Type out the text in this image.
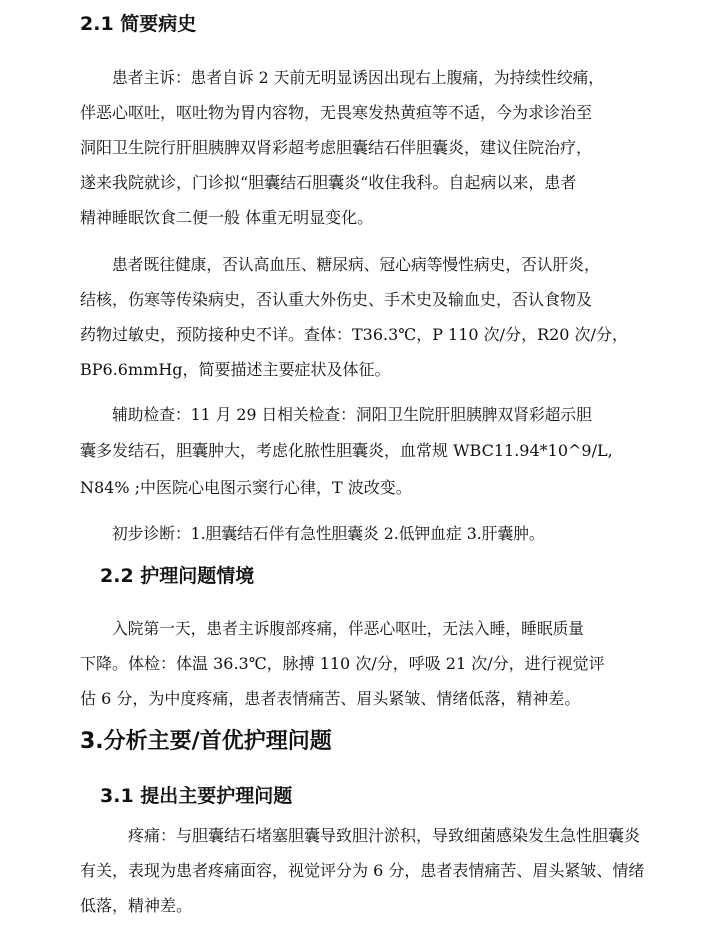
2.1 简要病史

患者主诉：患者自诉 2 天前无明显诱因出现右上腹痛，为持续性绞痛，

伴恶心呕吐，呕吐物为胃内容物，无畏寒发热黄疸等不适，今为求诊治至

洞阳卫生院行肝胆胰脾双肾彩超考虑胆囊结石伴胆囊炎，建议住院治疗，

遂来我院就诊，门诊拟“胆囊结石胆囊炎“收住我科。自起病以来，患者

精神睡眠饮食二便一般 体重无明显变化。

患者既往健康，否认高血压、糖尿病、冠心病等慢性病史，否认肝炎，

结核，伤寒等传染病史，否认重大外伤史、手术史及输血史，否认食物及

药物过敏史，预防接种史不详。查体：T36.3℃，P 110 次/分，R20 次/分，

BP6.6mmHg，简要描述主要症状及体征。

辅助检查：11 月 29 日相关检查：洞阳卫生院肝胆胰脾双肾彩超示胆

囊多发结石，胆囊肿大，考虑化脓性胆囊炎，血常规 WBC11.94*10^9/L,

N84% ;中医院心电图示窦行心律，T 波改变。

初步诊断：1.胆囊结石伴有急性胆囊炎 2.低钾血症 3.肝囊肿。

2.2 护理问题情境

入院第一天，患者主诉腹部疼痛，伴恶心呕吐，无法入睡，睡眠质量

下降。体检：体温 36.3℃，脉搏 110 次/分，呼吸 21 次/分，进行视觉评

估 6 分，为中度疼痛，患者表情痛苦、眉头紧皱、情绪低落，精神差。

3.分析主要/首优护理问题
3.1 提出主要护理问题

疼痛：与胆囊结石堵塞胆囊导致胆汁淤积，导致细菌感染发生急性胆囊炎

有关，表现为患者疼痛面容，视觉评分为 6 分，患者表情痛苦、眉头紧皱、情绪

低落，精神差。
